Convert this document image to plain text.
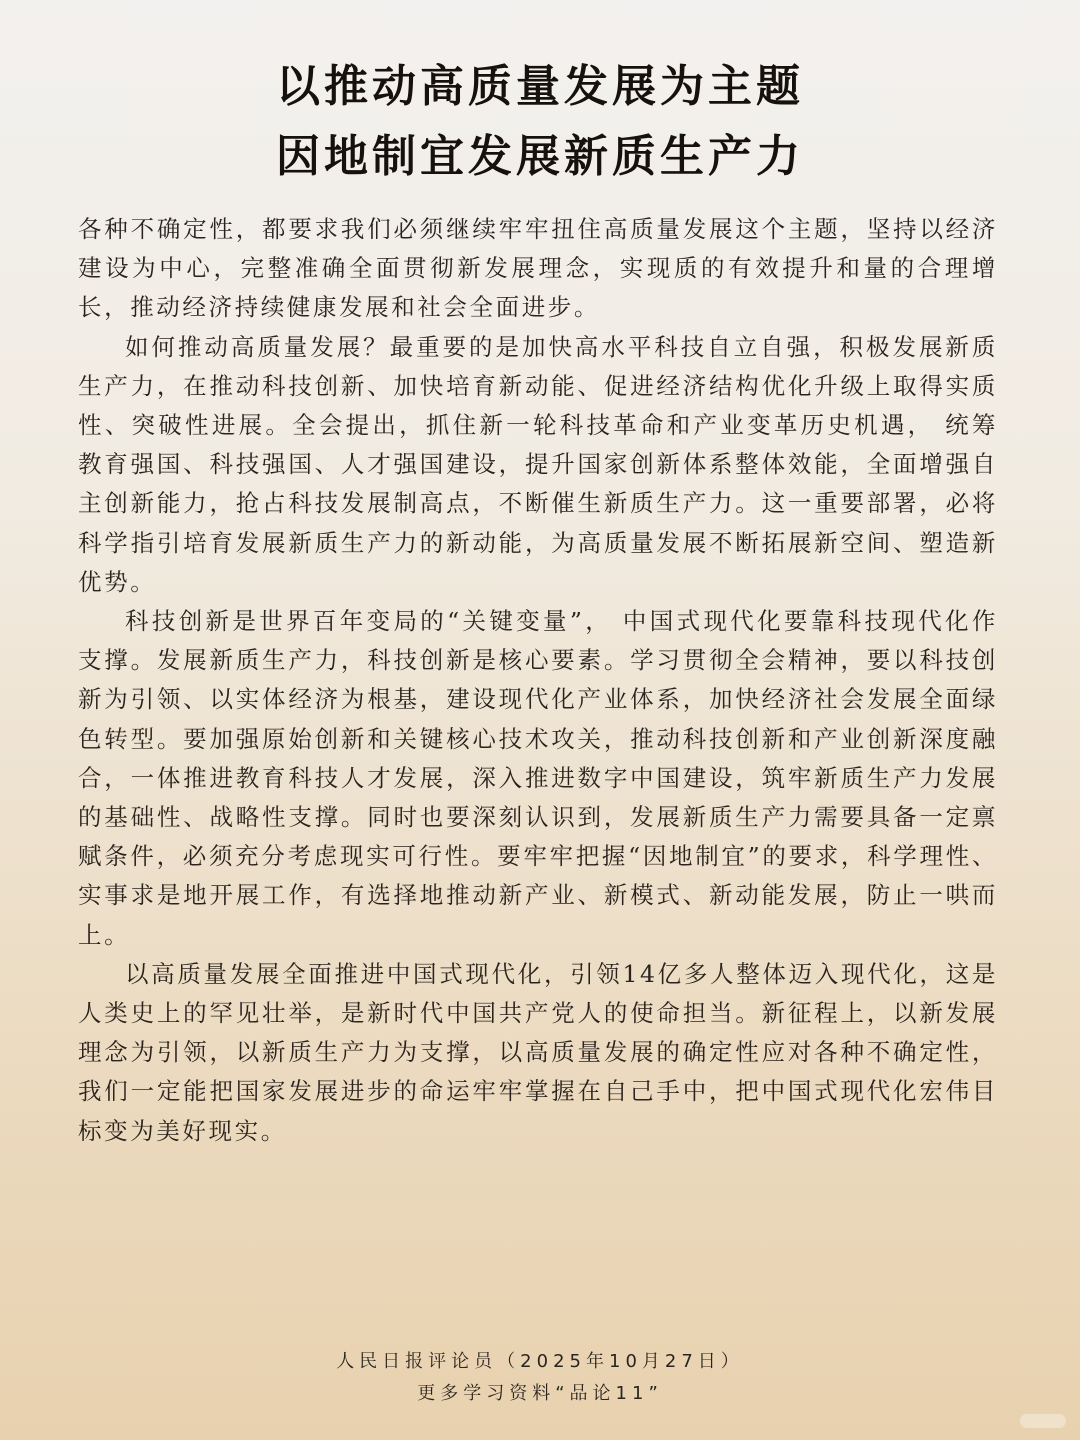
以推动高质量发展为主题
因地制宜发展新质生产力

各种不确定性，都要求我们必须继续牢牢扭住高质量发展这个主题，坚持以经济建设为中心，完整准确全面贯彻新发展理念，实现质的有效提升和量的合理增长，推动经济持续健康发展和社会全面进步。

如何推动高质量发展？最重要的是加快高水平科技自立自强，积极发展新质生产力，在推动科技创新、加快培育新动能、促进经济结构优化升级上取得实质性、突破性进展。全会提出，抓住新一轮科技革命和产业变革历史机遇， 统筹教育强国、科技强国、人才强国建设，提升国家创新体系整体效能，全面增强自主创新能力，抢占科技发展制高点，不断催生新质生产力。这一重要部署，必将科学指引培育发展新质生产力的新动能，为高质量发展不断拓展新空间、塑造新优势。

科技创新是世界百年变局的“关键变量”， 中国式现代化要靠科技现代化作支撑。发展新质生产力，科技创新是核心要素。学习贯彻全会精神，要以科技创新为引领、以实体经济为根基，建设现代化产业体系，加快经济社会发展全面绿色转型。要加强原始创新和关键核心技术攻关，推动科技创新和产业创新深度融合，一体推进教育科技人才发展，深入推进数字中国建设，筑牢新质生产力发展的基础性、战略性支撑。同时也要深刻认识到，发展新质生产力需要具备一定禀赋条件，必须充分考虑现实可行性。要牢牢把握“因地制宜”的要求，科学理性、实事求是地开展工作，有选择地推动新产业、新模式、新动能发展，防止一哄而上。

以高质量发展全面推进中国式现代化，引领14亿多人整体迈入现代化，这是人类史上的罕见壮举，是新时代中国共产党人的使命担当。新征程上，以新发展理念为引领，以新质生产力为支撑，以高质量发展的确定性应对各种不确定性，我们一定能把国家发展进步的命运牢牢掌握在自己手中，把中国式现代化宏伟目标变为美好现实。

人民日报评论员（2025年10月27日）
更多学习资料“品论11”
